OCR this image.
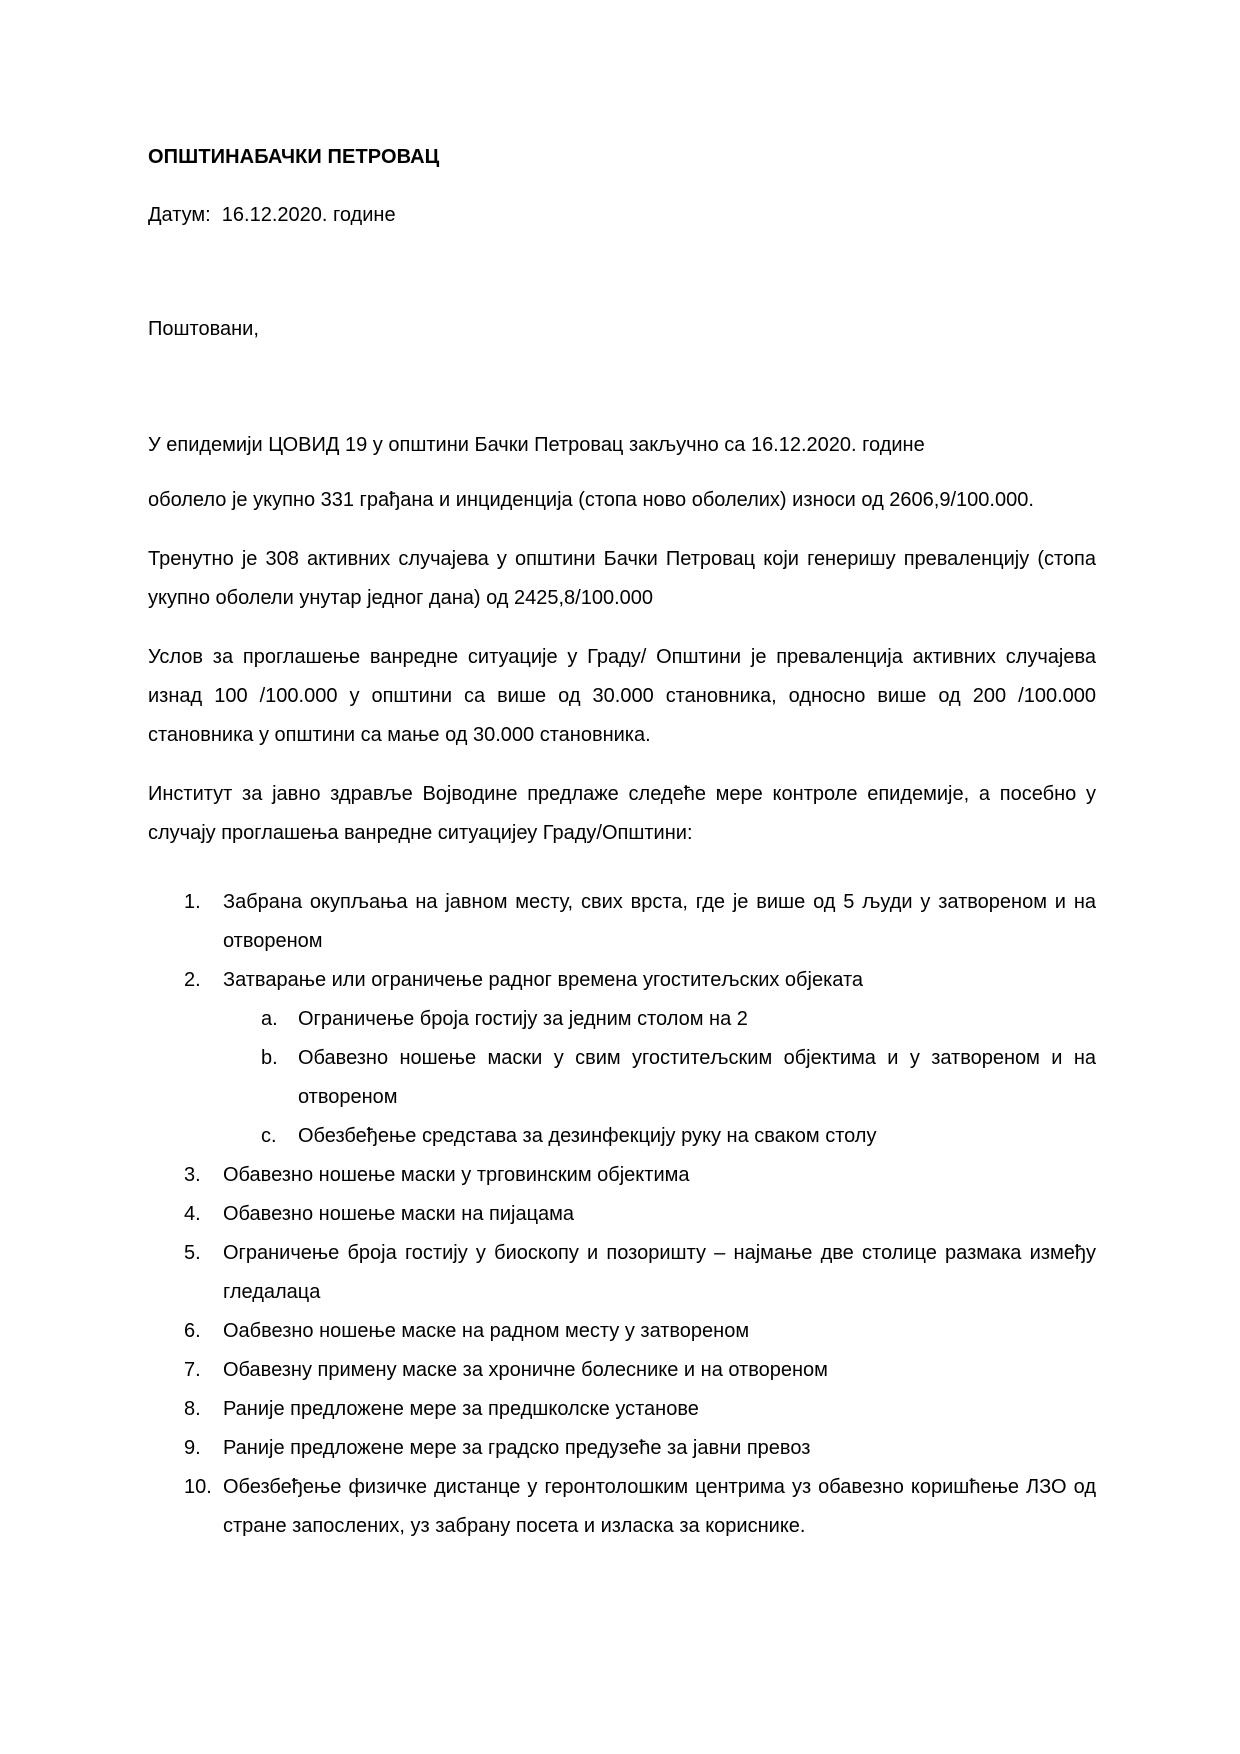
ОПШТИНАБАЧКИ ПЕТРОВАЦ
Датум:  16.12.2020. године
Поштовани,

У епидемији ЦОВИД 19 у општини Бачки Петровац закључно са 16.12.2020. године

оболело је укупно 331 грађана и инциденција (стопа ново оболелих) износи од 2606,9/100.000.

Тренутно је 308 активних случајева у општини Бачки Петровац који генеришу преваленцију (стопа укупно оболели унутар једног дана) од 2425,8/100.000

Услов за проглашење ванредне ситуације у Граду/ Општини је преваленција активних случајева изнад 100 /100.000 у општини са више од 30.000 становника, односно више од 200 /100.000 становника у општини са мање од 30.000 становника.

Институт за јавно здравље Војводине предлаже следеће мере контроле епидемије, а посебно у случају проглашења ванредне ситуацијеу Граду/Општини:

1.	Забрана окупљања на јавном месту, свих врста, где је више од 5 људи у затвореном и на отвореном
2.	Затварање или ограничење радног времена угоститељских објеката
a. Ограничење броја гостију за једним столом на 2
b. Обавезно ношење маски у свим угоститељским објектима и у затвореном и на отвореном
c. Обезбеђење средстава за дезинфекцију руку на сваком столу
3.	Обавезно ношење маски у трговинским објектима
4.	Обавезно ношење маски на пијацама
5.	Ограничење броја гостију у биоскопу и позоришту – најмање две столице размака између гледалаца
6.	Оабвезно ношење маске на радном месту у затвореном
7.	Обавезну примену маске за хроничне болеснике и на отвореном
8.	Раније предложене мере за предшколске установе
9.	Раније предложене мере за градско предузеће за јавни превоз
10. Обезбеђење физичке дистанце у геронтолошким центрима уз обавезно коришћење ЛЗО од стране запослених, уз забрану посета и изласка за кориснике.
